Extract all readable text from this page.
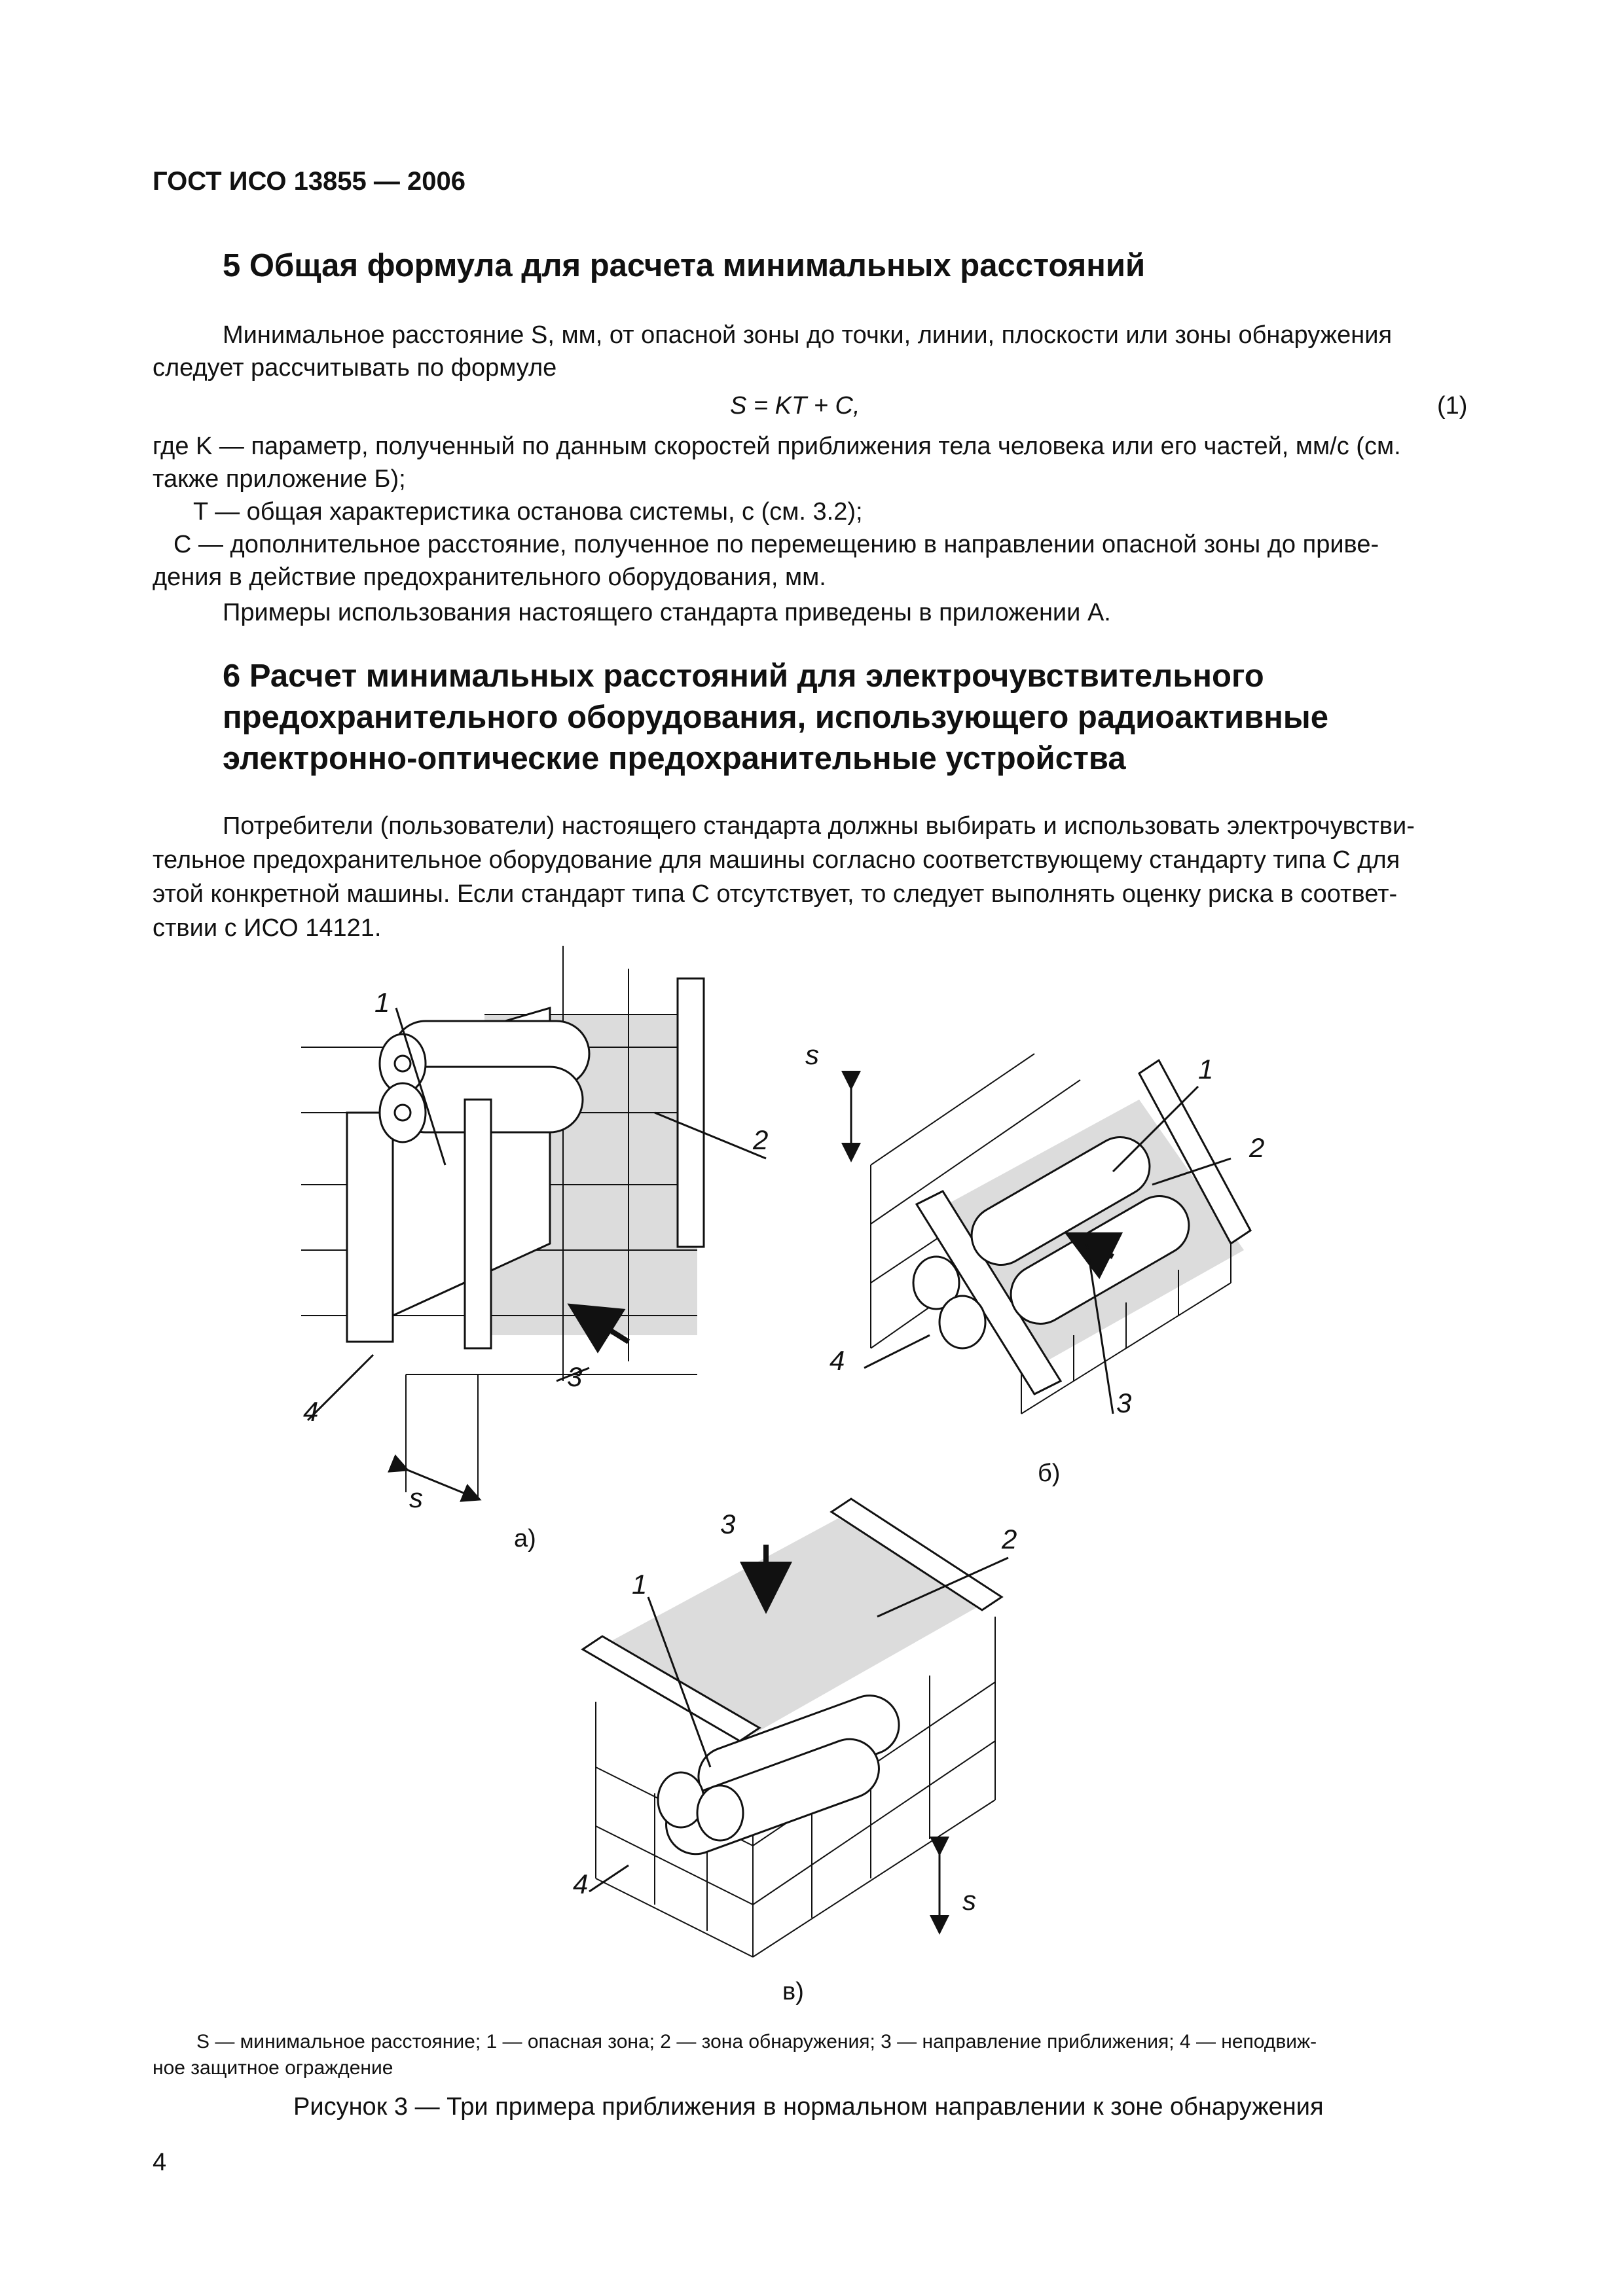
ГОСТ ИСО 13855 — 2006
5 Общая формула для расчета минимальных расстояний
Минимальное расстояние S, мм, от опасной зоны до точки, линии, плоскости или зоны обнаружения
следует рассчитывать по формуле
S = KT + C,	(1)
где K — параметр, полученный по данным скоростей приближения тела человека или его частей, мм/с (см.
также приложение Б);
T — общая характеристика останова системы, с (см. 3.2);
C — дополнительное расстояние, полученное по перемещению в направлении опасной зоны до приве-
дения в действие предохранительного оборудования, мм.
Примеры использования настоящего стандарта приведены в приложении А.
6 Расчет минимальных расстояний для электрочувствительного
предохранительного оборудования, использующего радиоактивные
электронно-оптические предохранительные устройства
Потребители (пользователи) настоящего стандарта должны выбирать и использовать электрочувстви-
тельное предохранительное оборудование для машины согласно соответствующему стандарту типа С для
этой конкретной машины. Если стандарт типа С отсутствует, то следует выполнять оценку риска в соответ-
ствии с ИСО 14121.
1
2
3
4
s
а)
s	1
2
3
4
б)
3	2
1
4
s
в)
S — минимальное расстояние; 1 — опасная зона; 2 — зона обнаружения; 3 — направление приближения; 4 — неподвиж-
ное защитное ограждение
Рисунок 3 — Три примера приближения в нормальном направлении к зоне обнаружения
4
